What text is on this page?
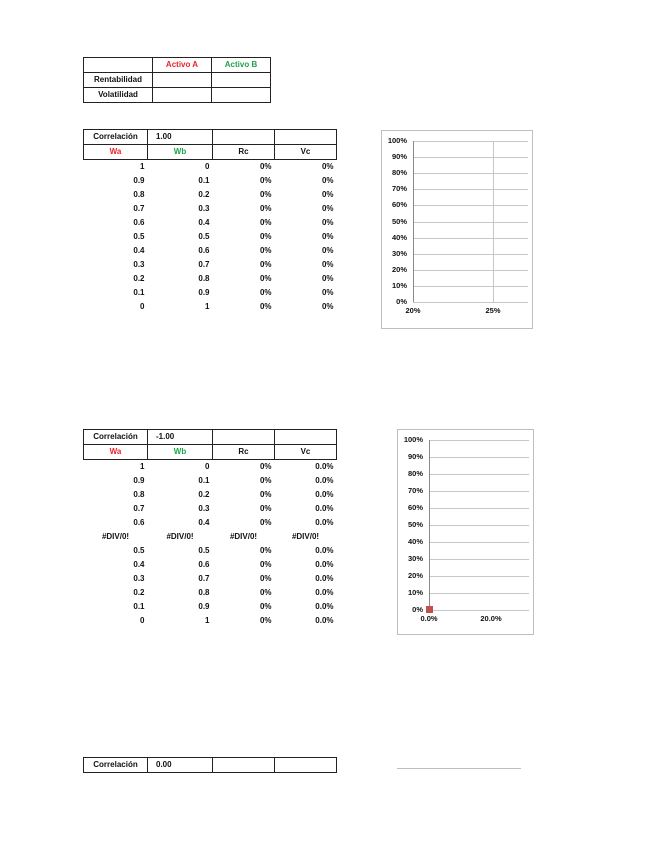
	Activo A	Activo B
Rentabilidad		
Volatilidad		
Correlación	1.00		
Wa	Wb	Rc	Vc
1	0	0%	0%
0.9	0.1	0%	0%
0.8	0.2	0%	0%
0.7	0.3	0%	0%
0.6	0.4	0%	0%
0.5	0.5	0%	0%
0.4	0.6	0%	0%
0.3	0.7	0%	0%
0.2	0.8	0%	0%
0.1	0.9	0%	0%
0	1	0%	0%
100%
90%
80%
70%
60%
50%
40%
30%
20%
10%
0%
20%	25%
Correlación	-1.00		
Wa	Wb	Rc	Vc
1	0	0%	0.0%
0.9	0.1	0%	0.0%
0.8	0.2	0%	0.0%
0.7	0.3	0%	0.0%
0.6	0.4	0%	0.0%
#DIV/0!	#DIV/0!	#DIV/0!	#DIV/0!
0.5	0.5	0%	0.0%
0.4	0.6	0%	0.0%
0.3	0.7	0%	0.0%
0.2	0.8	0%	0.0%
0.1	0.9	0%	0.0%
0	1	0%	0.0%
100%
90%
80%
70%
60%
50%
40%
30%
20%
10%
0%
0.0%	20.0%
Correlación	0.00		
